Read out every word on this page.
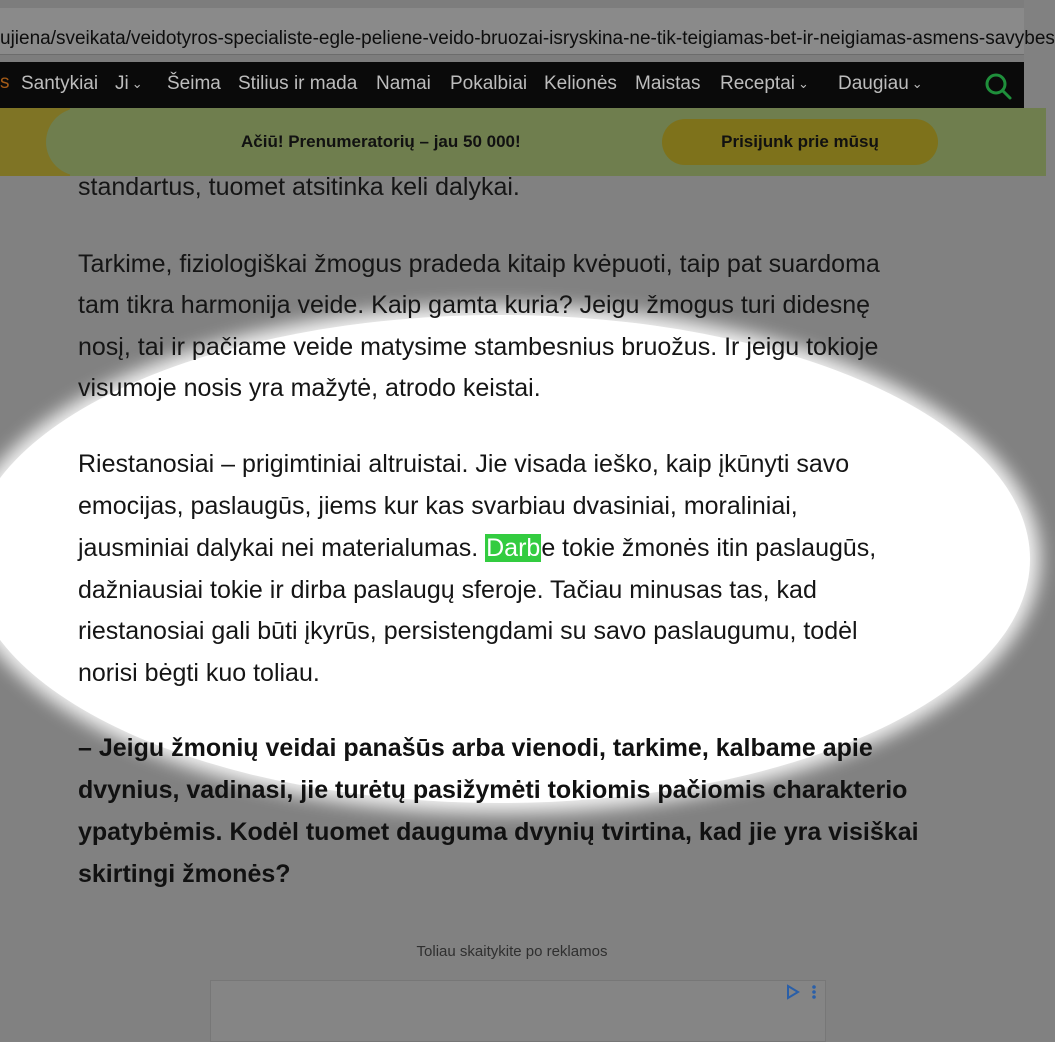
ujiena/sveikata/veidotyros-specialiste-egle-peliene-veido-bruozai-isryskina-ne-tik-teigiamas-bet-ir-neigiamas-asmens-savybes
s Santykiai Ji ⌄ Šeima Stilius ir mada Namai Pokalbiai Kelionės Maistas Receptai ⌄ Daugiau ⌄
Ačiū! Prenumeratorių – jau 50 000!	Prisijunk prie mūsų
standartus, tuomet atsitinka keli dalykai.
Tarkime, fiziologiškai žmogus pradeda kitaip kvėpuoti, taip pat suardoma
tam tikra harmonija veide. Kaip gamta kuria? Jeigu žmogus turi didesnę
nosį, tai ir pačiame veide matysime stambesnius bruožus. Ir jeigu tokioje
visumoje nosis yra mažytė, atrodo keistai.
Riestanosiai – prigimtiniai altruistai. Jie visada ieško, kaip įkūnyti savo
emocijas, paslaugūs, jiems kur kas svarbiau dvasiniai, moraliniai,
jausminiai dalykai nei materialumas. Darbe tokie žmonės itin paslaugūs,
dažniausiai tokie ir dirba paslaugų sferoje. Tačiau minusas tas, kad
riestanosiai gali būti įkyrūs, persistengdami su savo paslaugumu, todėl
norisi bėgti kuo toliau.
– Jeigu žmonių veidai panašūs arba vienodi, tarkime, kalbame apie
dvynius, vadinasi, jie turėtų pasižymėti tokiomis pačiomis charakterio
ypatybėmis. Kodėl tuomet dauguma dvynių tvirtina, kad jie yra visiškai
skirtingi žmonės?
Toliau skaitykite po reklamos
